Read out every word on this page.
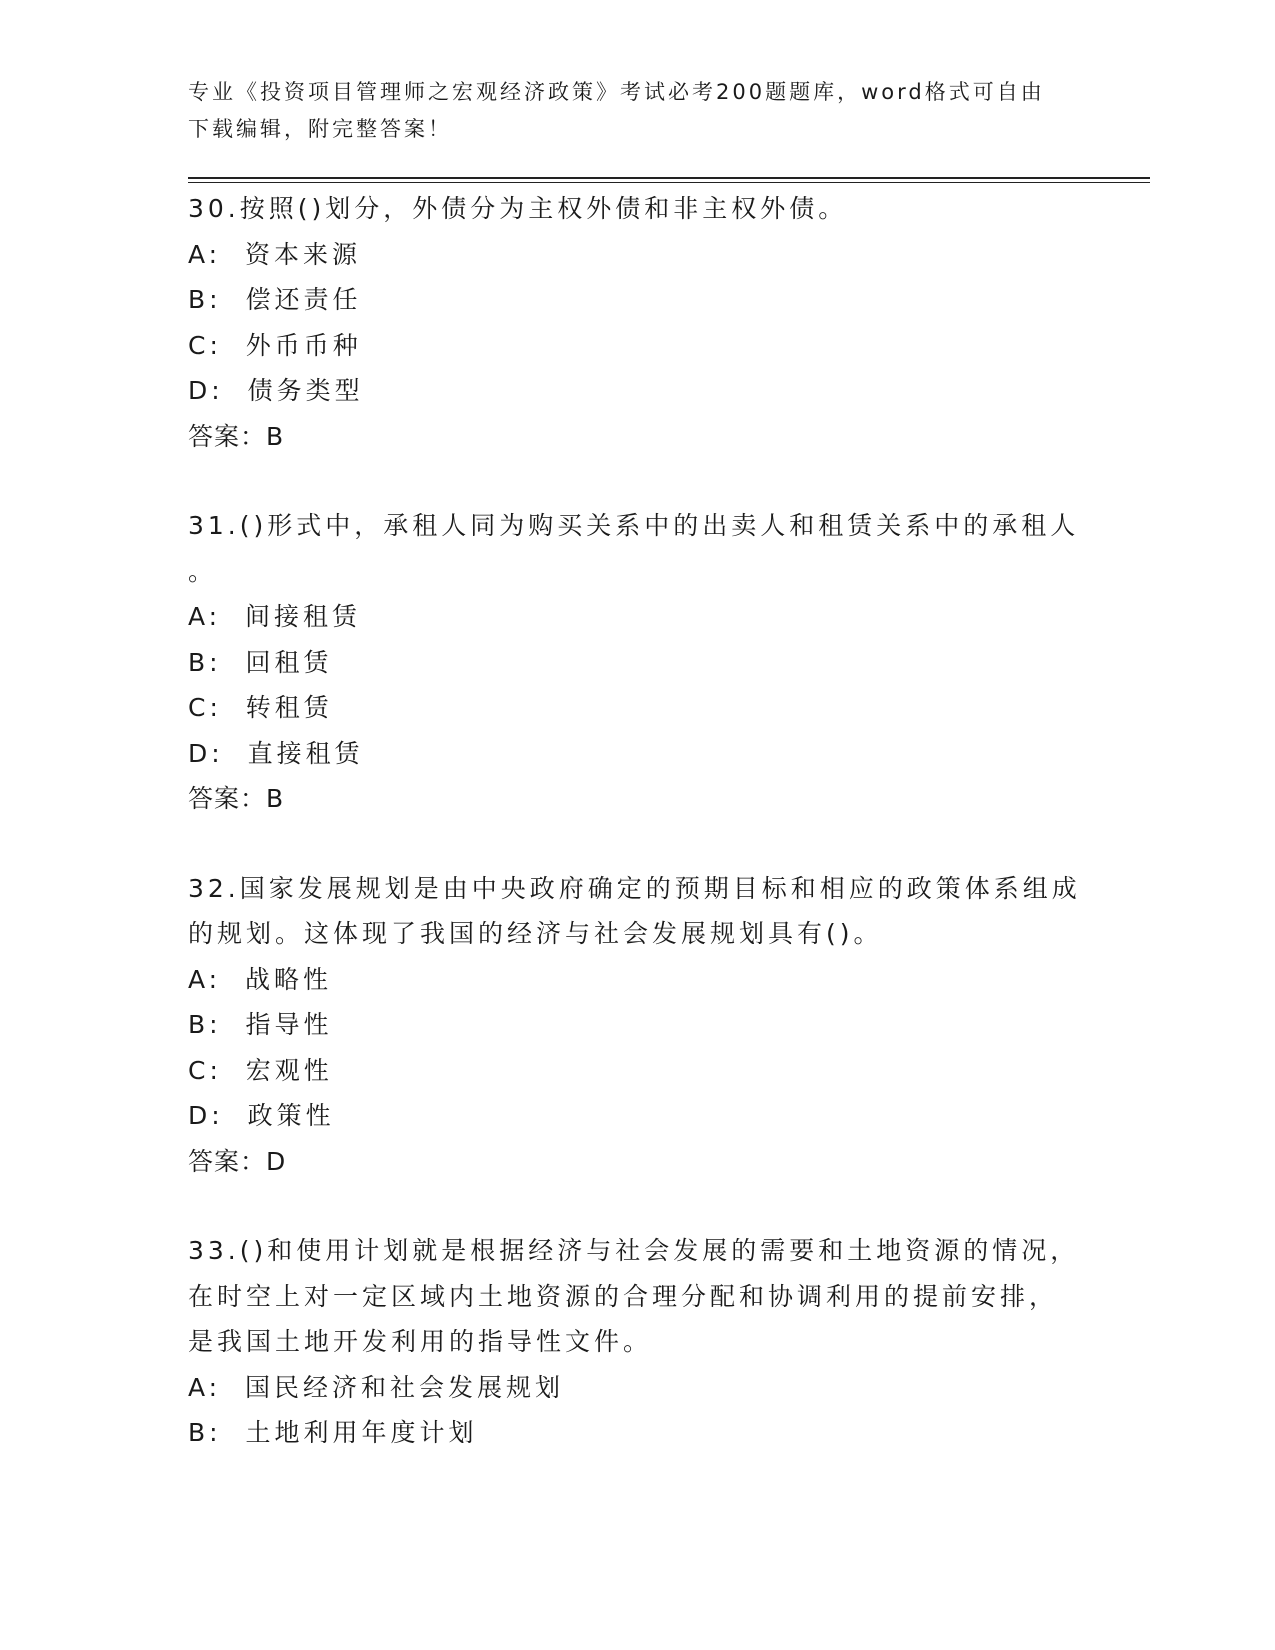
专业《投资项目管理师之宏观经济政策》考试必考200题题库，word格式可自由
下载编辑，附完整答案！

30.按照()划分，外债分为主权外债和非主权外债。

A:  资本来源

B:  偿还责任

C:  外币币种

D:  债务类型

答案：B

31.()形式中，承租人同为购买关系中的出卖人和租赁关系中的承租人

。

A:  间接租赁

B:  回租赁

C:  转租赁

D:  直接租赁

答案：B

32.国家发展规划是由中央政府确定的预期目标和相应的政策体系组成

的规划。这体现了我国的经济与社会发展规划具有()。

A:  战略性

B:  指导性

C:  宏观性

D:  政策性

答案：D

33.()和使用计划就是根据经济与社会发展的需要和土地资源的情况，

在时空上对一定区域内土地资源的合理分配和协调利用的提前安排，

是我国土地开发利用的指导性文件。

A:  国民经济和社会发展规划

B:  土地利用年度计划
